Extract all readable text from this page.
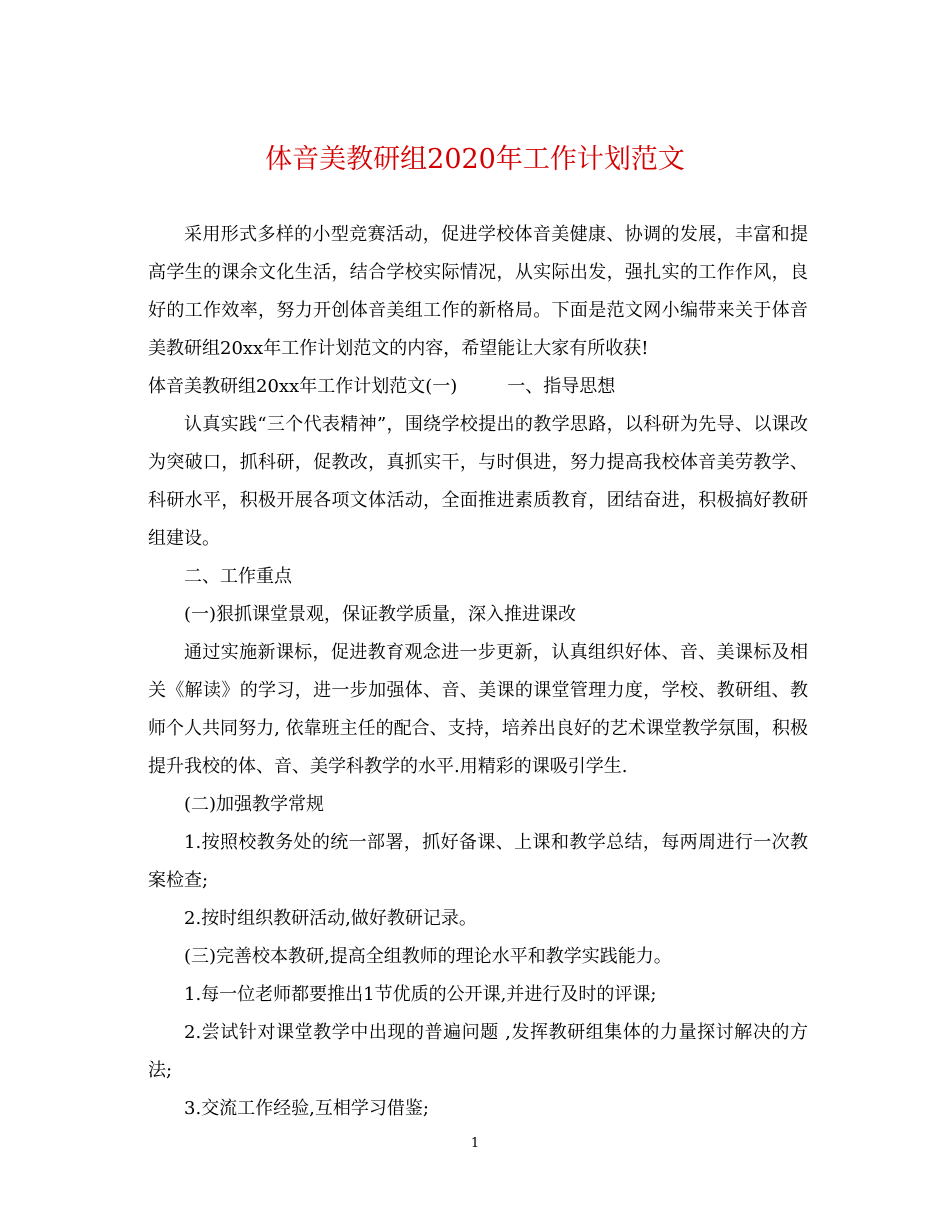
体音美教研组2020年工作计划范文

采用形式多样的小型竞赛活动，促进学校体音美健康、协调的发展，丰富和提高学生的课余文化生活，结合学校实际情况，从实际出发，强扎实的工作作风，良好的工作效率，努力开创体音美组工作的新格局。下面是范文网小编带来关于体音美教研组20xx年工作计划范文的内容，希望能让大家有所收获!

体音美教研组20xx年工作计划范文(一)	一、指导思想

认真实践“三个代表精神”，围绕学校提出的教学思路，以科研为先导、以课改为突破口，抓科研，促教改，真抓实干，与时俱进，努力提高我校体音美劳教学、科研水平，积极开展各项文体活动，全面推进素质教育，团结奋进，积极搞好教研组建设。

二、工作重点

(一)狠抓课堂景观，保证教学质量，深入推进课改

通过实施新课标，促进教育观念进一步更新，认真组织好体、音、美课标及相关《解读》的学习，进一步加强体、音、美课的课堂管理力度，学校、教研组、教师个人共同努力, 依靠班主任的配合、支持，培养出良好的艺术课堂教学氛围，积极提升我校的体、音、美学科教学的水平.用精彩的课吸引学生.

(二)加强教学常规

1.按照校教务处的统一部署，抓好备课、上课和教学总结，每两周进行一次教案检查;

2.按时组织教研活动,做好教研记录。

(三)完善校本教研,提高全组教师的理论水平和教学实践能力。

1.每一位老师都要推出1节优质的公开课,并进行及时的评课;

2.尝试针对课堂教学中出现的普遍问题 ,发挥教研组集体的力量探讨解决的方法;

3.交流工作经验,互相学习借鉴;

1
